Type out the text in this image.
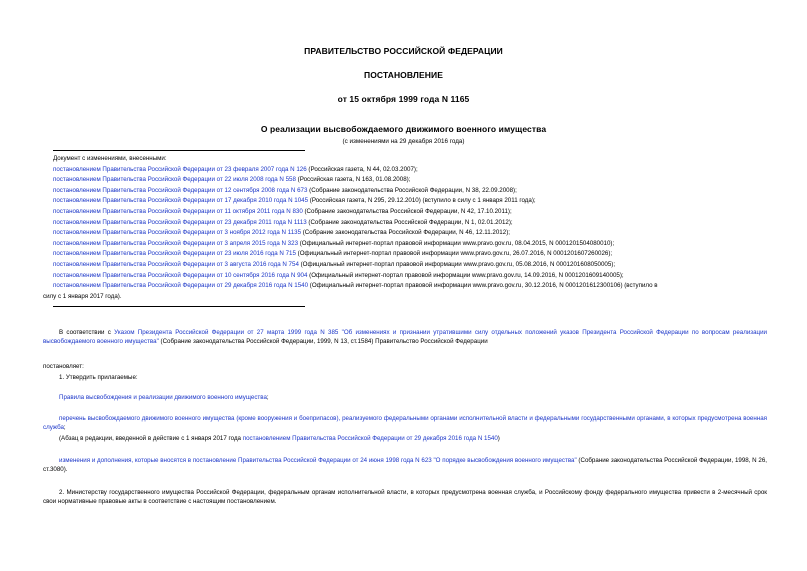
ПРАВИТЕЛЬСТВО РОССИЙСКОЙ ФЕДЕРАЦИИ
ПОСТАНОВЛЕНИЕ
от 15 октября 1999 года N 1165
О реализации высвобождаемого движимого военного имущества
(с изменениями на 29 декабря 2016 года)
Документ с изменениями, внесенными:
постановлением Правительства Российской Федерации от 23 февраля 2007 года N 126 (Российская газета, N 44, 02.03.2007);
постановлением Правительства Российской Федерации от 22 июля 2008 года N 558 (Российская газета, N 163, 01.08.2008);
постановлением Правительства Российской Федерации от 12 сентября 2008 года N 673 (Собрание законодательства Российской Федерации, N 38, 22.09.2008);
постановлением Правительства Российской Федерации от 17 декабря 2010 года N 1045 (Российская газета, N 295, 29.12.2010) (вступило в силу с 1 января 2011 года);
постановлением Правительства Российской Федерации от 11 октября 2011 года N 830 (Собрание законодательства Российской Федерации, N 42, 17.10.2011);
постановлением Правительства Российской Федерации от 23 декабря 2011 года N 1113 (Собрание законодательства Российской Федерации, N 1, 02.01.2012);
постановлением Правительства Российской Федерации от 3 ноября 2012 года N 1135 (Собрание законодательства Российской Федерации, N 46, 12.11.2012);
постановлением Правительства Российской Федерации от 3 апреля 2015 года N 323 (Официальный интернет-портал правовой информации www.pravo.gov.ru, 08.04.2015, N 0001201504080010);
постановлением Правительства Российской Федерации от 23 июля 2016 года N 715 (Официальный интернет-портал правовой информации www.pravo.gov.ru, 26.07.2016, N 0001201607260026);
постановлением Правительства Российской Федерации от 3 августа 2016 года N 754 (Официальный интернет-портал правовой информации www.pravo.gov.ru, 05.08.2016, N 0001201608050005);
постановлением Правительства Российской Федерации от 10 сентября 2016 года N 904 (Официальный интернет-портал правовой информации www.pravo.gov.ru, 14.09.2016, N 0001201609140005);
постановлением Правительства Российской Федерации от 29 декабря 2016 года N 1540 (Официальный интернет-портал правовой информации www.pravo.gov.ru, 30.12.2016, N 0001201612300106) (вступило в
силу с 1 января 2017 года).
В соответствии с Указом Президента Российской Федерации от 27 марта 1999 года N 385 "Об изменениях и признании утратившими силу отдельных положений указов Президента Российской Федерации по вопросам реализации высвобождаемого военного имущества" (Собрание законодательства Российской Федерации, 1999, N 13, ст.1584) Правительство Российской Федерации
постановляет:
1. Утвердить прилагаемые:
Правила высвобождения и реализации движимого военного имущества;
перечень высвобождаемого движимого военного имущества (кроме вооружения и боеприпасов), реализуемого федеральными органами исполнительной власти и федеральными государственными органами, в которых предусмотрена военная служба;
(Абзац в редакции, введенной в действие с 1 января 2017 года постановлением Правительства Российской Федерации от 29 декабря 2016 года N 1540)
изменения и дополнения, которые вносятся в постановление Правительства Российской Федерации от 24 июня 1998 года N 623 "О порядке высвобождения военного имущества" (Собрание законодательства Российской Федерации, 1998, N 26, ст.3080).
2. Министерству государственного имущества Российской Федерации, федеральным органам исполнительной власти, в которых предусмотрена военная служба, и Российскому фонду федерального имущества привести в 2-месячный срок свои нормативные правовые акты в соответствие с настоящим постановлением.
